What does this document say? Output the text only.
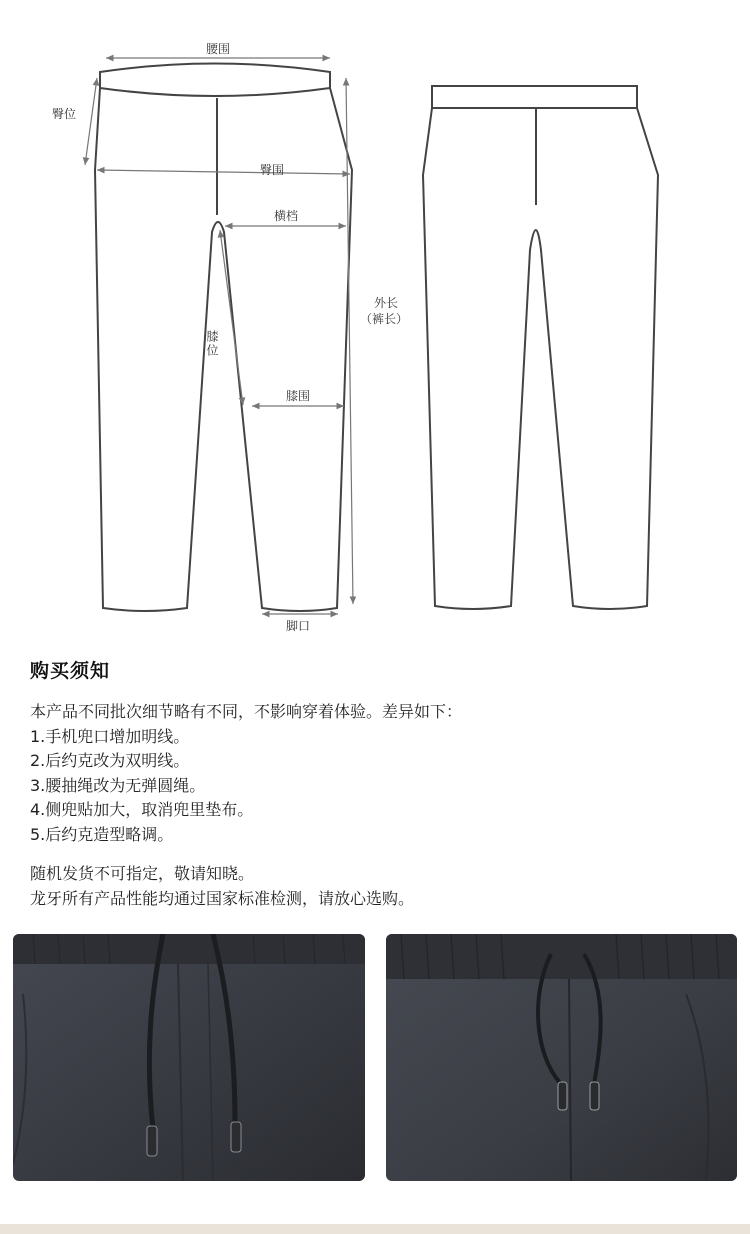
腰围
臀位
臀围
横档
膝位
膝围
外长
（裤长）
脚口
购买须知
本产品不同批次细节略有不同，不影响穿着体验。差异如下：
1.手机兜口增加明线。
2.后约克改为双明线。
3.腰抽绳改为无弹圆绳。
4.侧兜贴加大，取消兜里垫布。
5.后约克造型略调。
随机发货不可指定，敬请知晓。
龙牙所有产品性能均通过国家标准检测，请放心选购。
